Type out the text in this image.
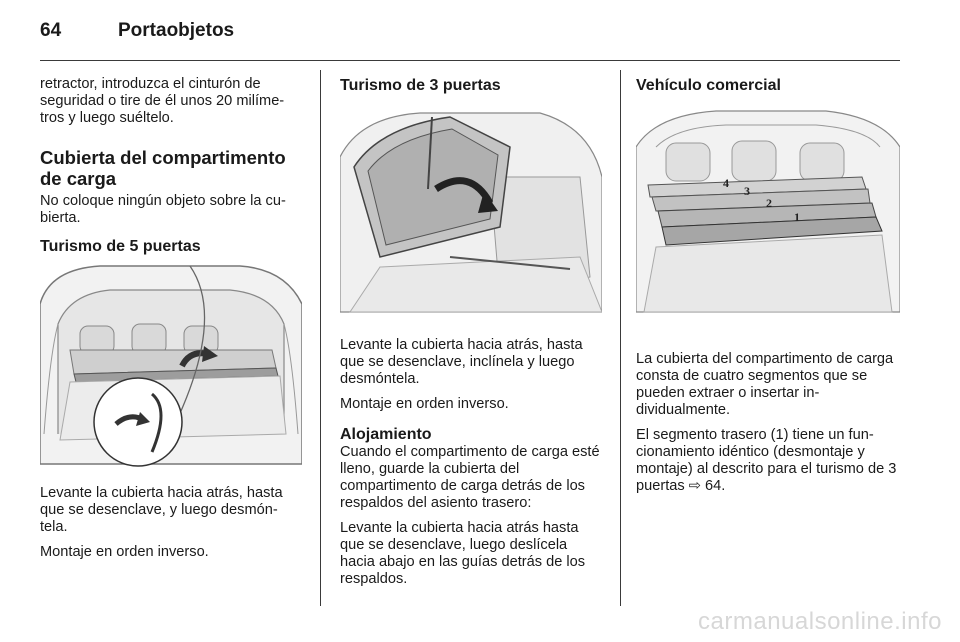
64	Portaobjetos

retractor, introduzca el cinturón de seguridad o tire de él unos 20 milíme-tros y luego suéltelo.

Cubierta del compartimento de carga

No coloque ningún objeto sobre la cu-bierta.

Turismo de 5 puertas

Levante la cubierta hacia atrás, hasta que se desenclave, y luego desmón-tela.

Montaje en orden inverso.

Turismo de 3 puertas

Levante la cubierta hacia atrás, hasta que se desenclave, inclínela y luego desmóntela.

Montaje en orden inverso.

Alojamiento

Cuando el compartimento de carga esté lleno, guarde la cubierta del compartimento de carga detrás de los respaldos del asiento trasero:

Levante la cubierta hacia atrás hasta que se desenclave, luego deslícela hacia abajo en las guías detrás de los respaldos.

Vehículo comercial

4
3
2
1

La cubierta del compartimento de carga consta de cuatro segmentos que se pueden extraer o insertar in-dividualmente.

El segmento trasero (1) tiene un fun-cionamiento idéntico (desmontaje y montaje) al descrito para el turismo de 3 puertas ⇨ 64.

carmanualsonline.info
